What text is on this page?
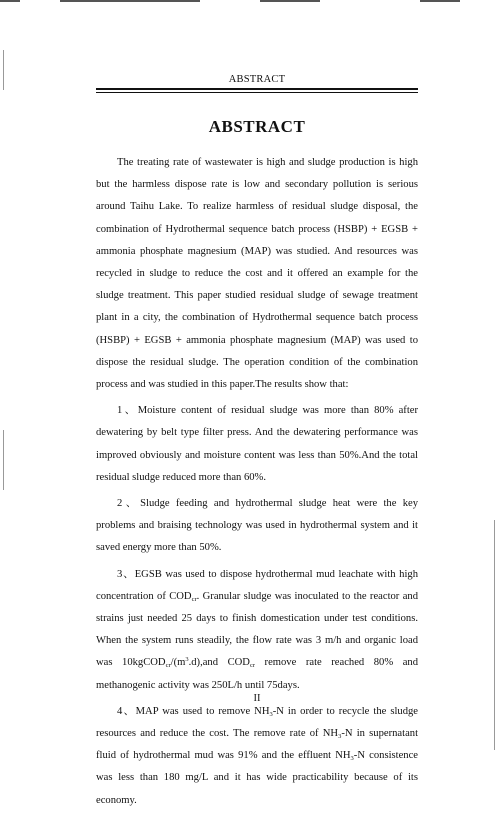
ABSTRACT
ABSTRACT

The treating rate of wastewater is high and sludge production is high but the harmless dispose rate is low and secondary pollution is serious around Taihu Lake. To realize harmless of residual sludge disposal, the combination of Hydrothermal sequence batch process (HSBP) + EGSB + ammonia phosphate magnesium (MAP) was studied. And resources was recycled in sludge to reduce the cost and it offered an example for the sludge treatment. This paper studied residual sludge of sewage treatment plant in a city, the combination of Hydrothermal sequence batch process (HSBP) + EGSB + ammonia phosphate magnesium (MAP) was used to dispose the residual sludge. The operation condition of the combination process and was studied in this paper.The results show that:

1、Moisture content of residual sludge was more than 80% after dewatering by belt type filter press. And the dewatering performance was improved obviously and moisture content was less than 50%.And the total residual sludge reduced more than 60%.

2、Sludge feeding and hydrothermal sludge heat were the key problems and braising technology was used in hydrothermal system and it saved energy more than 50%.

3、EGSB was used to dispose hydrothermal mud leachate with high concentration of $COD_{cr}$. Granular sludge was inoculated to the reactor and strains just needed 25 days to finish domestication under test conditions. When the system runs steadily, the flow rate was 3 m/h and organic load was $10kgCOD_{cr}/(m^3.d),and$ $COD_{cr}$ remove rate reached 80% and methanogenic activity was 250L/h until 75days.

4、MAP was used to remove $NH_3-N$ in order to recycle the sludge resources and reduce the cost. The remove rate of $NH_3-N$ in supernatant fluid of hydrothermal mud was 91% and the effluent $NH_3-N$ consistence was less than 180 mg/L and it has wide practicability because of its economy.

II
